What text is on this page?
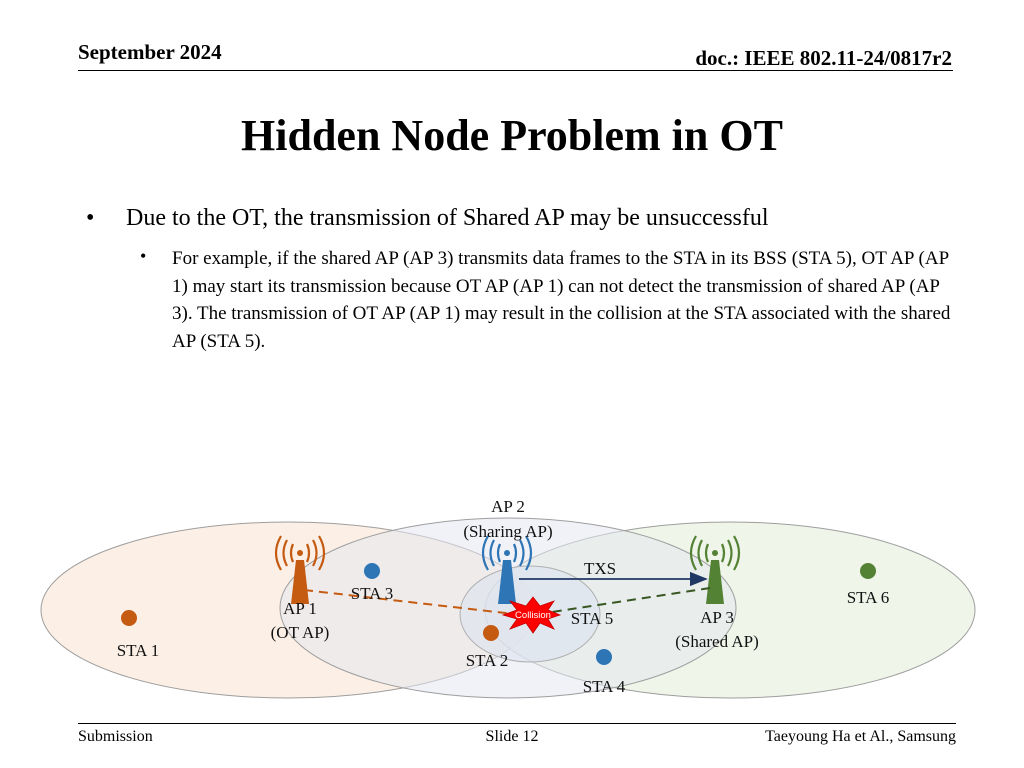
September 2024	doc.: IEEE 802.11-24/0817r2
Hidden Node Problem in OT
• Due to the OT, the transmission of Shared AP may be unsuccessful
• For example, if the shared AP (AP 3) transmits data frames to the STA in its BSS (STA 5), OT AP (AP 1) may start its transmission because OT AP (AP 1) can not detect the transmission of shared AP (AP 3). The transmission of OT AP (AP 1) may result in the collision at the STA associated with the shared AP (STA 5).
Collision
AP 2
(Sharing AP)
TXS
STA 3
AP 1
(OT AP)
STA 1
STA 2
STA 5
STA 4
AP 3
(Shared AP)
STA 6
Submission	Slide 12	Taeyoung Ha et Al., Samsung
